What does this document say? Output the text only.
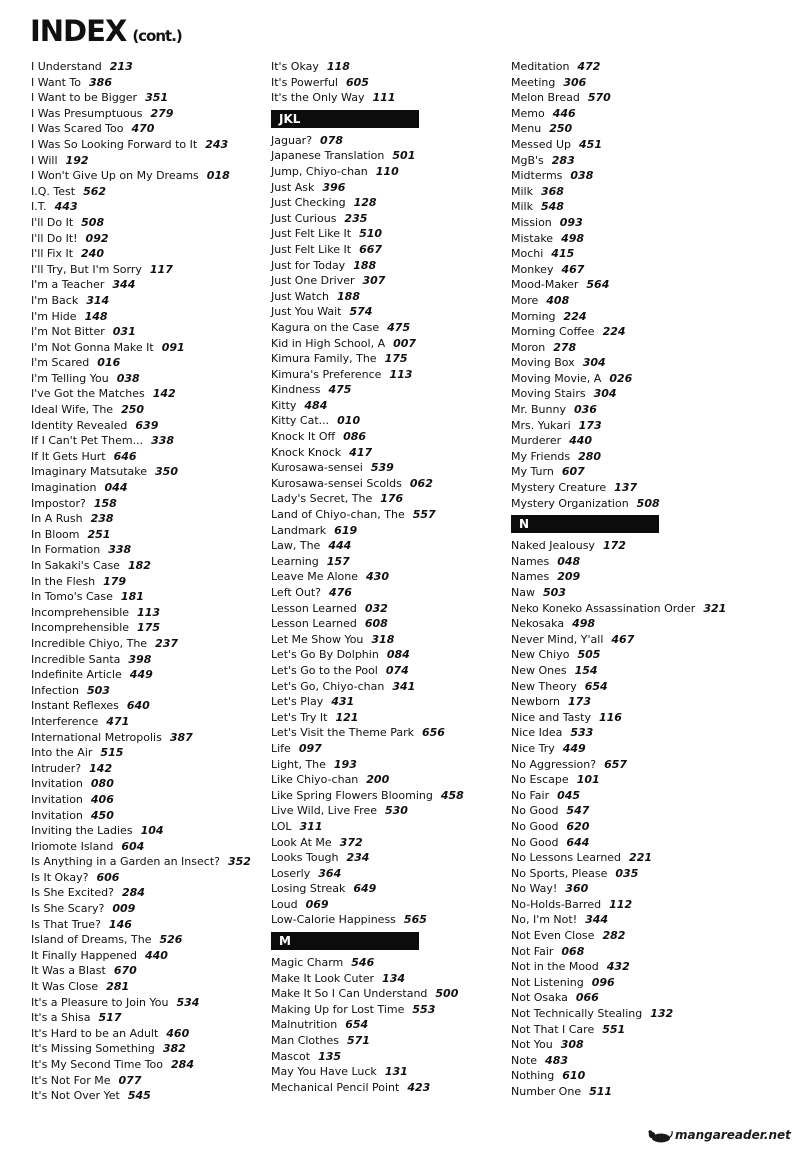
INDEX (cont.)
I Understand 213
I Want To 386
I Want to be Bigger 351
I Was Presumptuous 279
I Was Scared Too 470
I Was So Looking Forward to It 243
I Will 192
I Won't Give Up on My Dreams 018
I.Q. Test 562
I.T. 443
I'll Do It 508
I'll Do It! 092
I'll Fix It 240
I'll Try, But I'm Sorry 117
I'm a Teacher 344
I'm Back 314
I'm Hide 148
I'm Not Bitter 031
I'm Not Gonna Make It 091
I'm Scared 016
I'm Telling You 038
I've Got the Matches 142
Ideal Wife, The 250
Identity Revealed 639
If I Can't Pet Them... 338
If It Gets Hurt 646
Imaginary Matsutake 350
Imagination 044
Impostor? 158
In A Rush 238
In Bloom 251
In Formation 338
In Sakaki's Case 182
In the Flesh 179
In Tomo's Case 181
Incomprehensible 113
Incomprehensible 175
Incredible Chiyo, The 237
Incredible Santa 398
Indefinite Article 449
Infection 503
Instant Reflexes 640
Interference 471
International Metropolis 387
Into the Air 515
Intruder? 142
Invitation 080
Invitation 406
Invitation 450
Inviting the Ladies 104
Iriomote Island 604
Is Anything in a Garden an Insect? 352
Is It Okay? 606
Is She Excited? 284
Is She Scary? 009
Is That True? 146
Island of Dreams, The 526
It Finally Happened 440
It Was a Blast 670
It Was Close 281
It's a Pleasure to Join You 534
It's a Shisa 517
It's Hard to be an Adult 460
It's Missing Something 382
It's My Second Time Too 284
It's Not For Me 077
It's Not Over Yet 545
It's Okay 118
It's Powerful 605
It's the Only Way 111
JKL
Jaguar? 078
Japanese Translation 501
Jump, Chiyo-chan 110
Just Ask 396
Just Checking 128
Just Curious 235
Just Felt Like It 510
Just Felt Like It 667
Just for Today 188
Just One Driver 307
Just Watch 188
Just You Wait 574
Kagura on the Case 475
Kid in High School, A 007
Kimura Family, The 175
Kimura's Preference 113
Kindness 475
Kitty 484
Kitty Cat... 010
Knock It Off 086
Knock Knock 417
Kurosawa-sensei 539
Kurosawa-sensei Scolds 062
Lady's Secret, The 176
Land of Chiyo-chan, The 557
Landmark 619
Law, The 444
Learning 157
Leave Me Alone 430
Left Out? 476
Lesson Learned 032
Lesson Learned 608
Let Me Show You 318
Let's Go By Dolphin 084
Let's Go to the Pool 074
Let's Go, Chiyo-chan 341
Let's Play 431
Let's Try It 121
Let's Visit the Theme Park 656
Life 097
Light, The 193
Like Chiyo-chan 200
Like Spring Flowers Blooming 458
Live Wild, Live Free 530
LOL 311
Look At Me 372
Looks Tough 234
Loserly 364
Losing Streak 649
Loud 069
Low-Calorie Happiness 565
M
Magic Charm 546
Make It Look Cuter 134
Make It So I Can Understand 500
Making Up for Lost Time 553
Malnutrition 654
Man Clothes 571
Mascot 135
May You Have Luck 131
Mechanical Pencil Point 423
Meditation 472
Meeting 306
Melon Bread 570
Memo 446
Menu 250
Messed Up 451
MgB's 283
Midterms 038
Milk 368
Milk 548
Mission 093
Mistake 498
Mochi 415
Monkey 467
Mood-Maker 564
More 408
Morning 224
Morning Coffee 224
Moron 278
Moving Box 304
Moving Movie, A 026
Moving Stairs 304
Mr. Bunny 036
Mrs. Yukari 173
Murderer 440
My Friends 280
My Turn 607
Mystery Creature 137
Mystery Organization 508
N
Naked Jealousy 172
Names 048
Names 209
Naw 503
Neko Koneko Assassination Order 321
Nekosaka 498
Never Mind, Y'all 467
New Chiyo 505
New Ones 154
New Theory 654
Newborn 173
Nice and Tasty 116
Nice Idea 533
Nice Try 449
No Aggression? 657
No Escape 101
No Fair 045
No Good 547
No Good 620
No Good 644
No Lessons Learned 221
No Sports, Please 035
No Way! 360
No-Holds-Barred 112
No, I'm Not! 344
Not Even Close 282
Not Fair 068
Not in the Mood 432
Not Listening 096
Not Osaka 066
Not Technically Stealing 132
Not That I Care 551
Not You 308
Note 483
Nothing 610
Number One 511
mangareader.net
